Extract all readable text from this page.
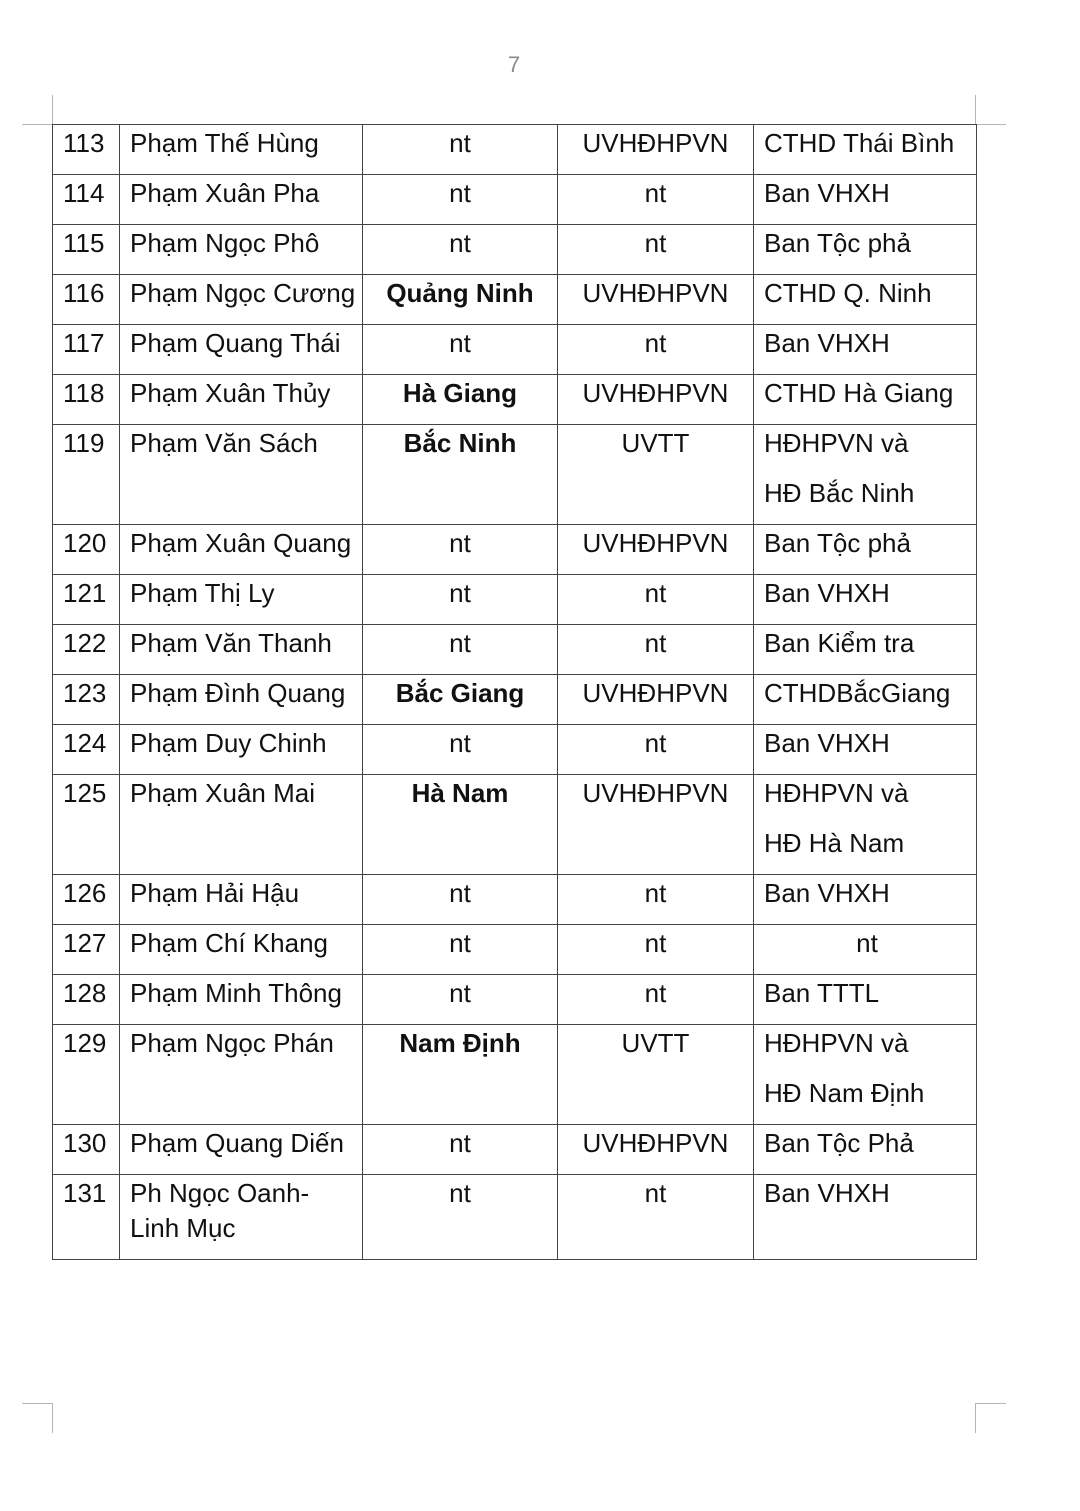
7
113	Phạm Thế Hùng	nt	UVHĐHPVN	CTHD Thái Bình

114	Phạm Xuân Pha	nt	nt	Ban VHXH

115	Phạm Ngọc Phô	nt	nt	Ban Tộc phả

116	Phạm Ngọc Cương	Quảng Ninh	UVHĐHPVN	CTHD Q. Ninh

117	Phạm Quang Thái	nt	nt	Ban VHXH

118	Phạm Xuân Thủy	Hà Giang	UVHĐHPVN	CTHD Hà Giang

119	Phạm Văn Sách	Bắc Ninh	UVTT	HĐHPVN và
HĐ Bắc Ninh

120	Phạm Xuân Quang	nt	UVHĐHPVN	Ban Tộc phả

121	Phạm Thị Ly	nt	nt	Ban VHXH

122	Phạm Văn Thanh	nt	nt	Ban Kiểm tra

123	Phạm Đình Quang	Bắc Giang	UVHĐHPVN	CTHDBắcGiang

124	Phạm Duy Chinh	nt	nt	Ban VHXH

125	Phạm Xuân Mai	Hà Nam	UVHĐHPVN	HĐHPVN và
HĐ Hà Nam

126	Phạm Hải Hậu	nt	nt	Ban VHXH

127	Phạm Chí Khang	nt	nt	nt

128	Phạm Minh Thông	nt	nt	Ban TTTL

129	Phạm Ngọc Phán	Nam Định	UVTT	HĐHPVN và
HĐ Nam Định

130	Phạm Quang Diến	nt	UVHĐHPVN	Ban Tộc Phả

131	Ph Ngọc Oanh- Linh Mục	nt	nt	Ban VHXH
